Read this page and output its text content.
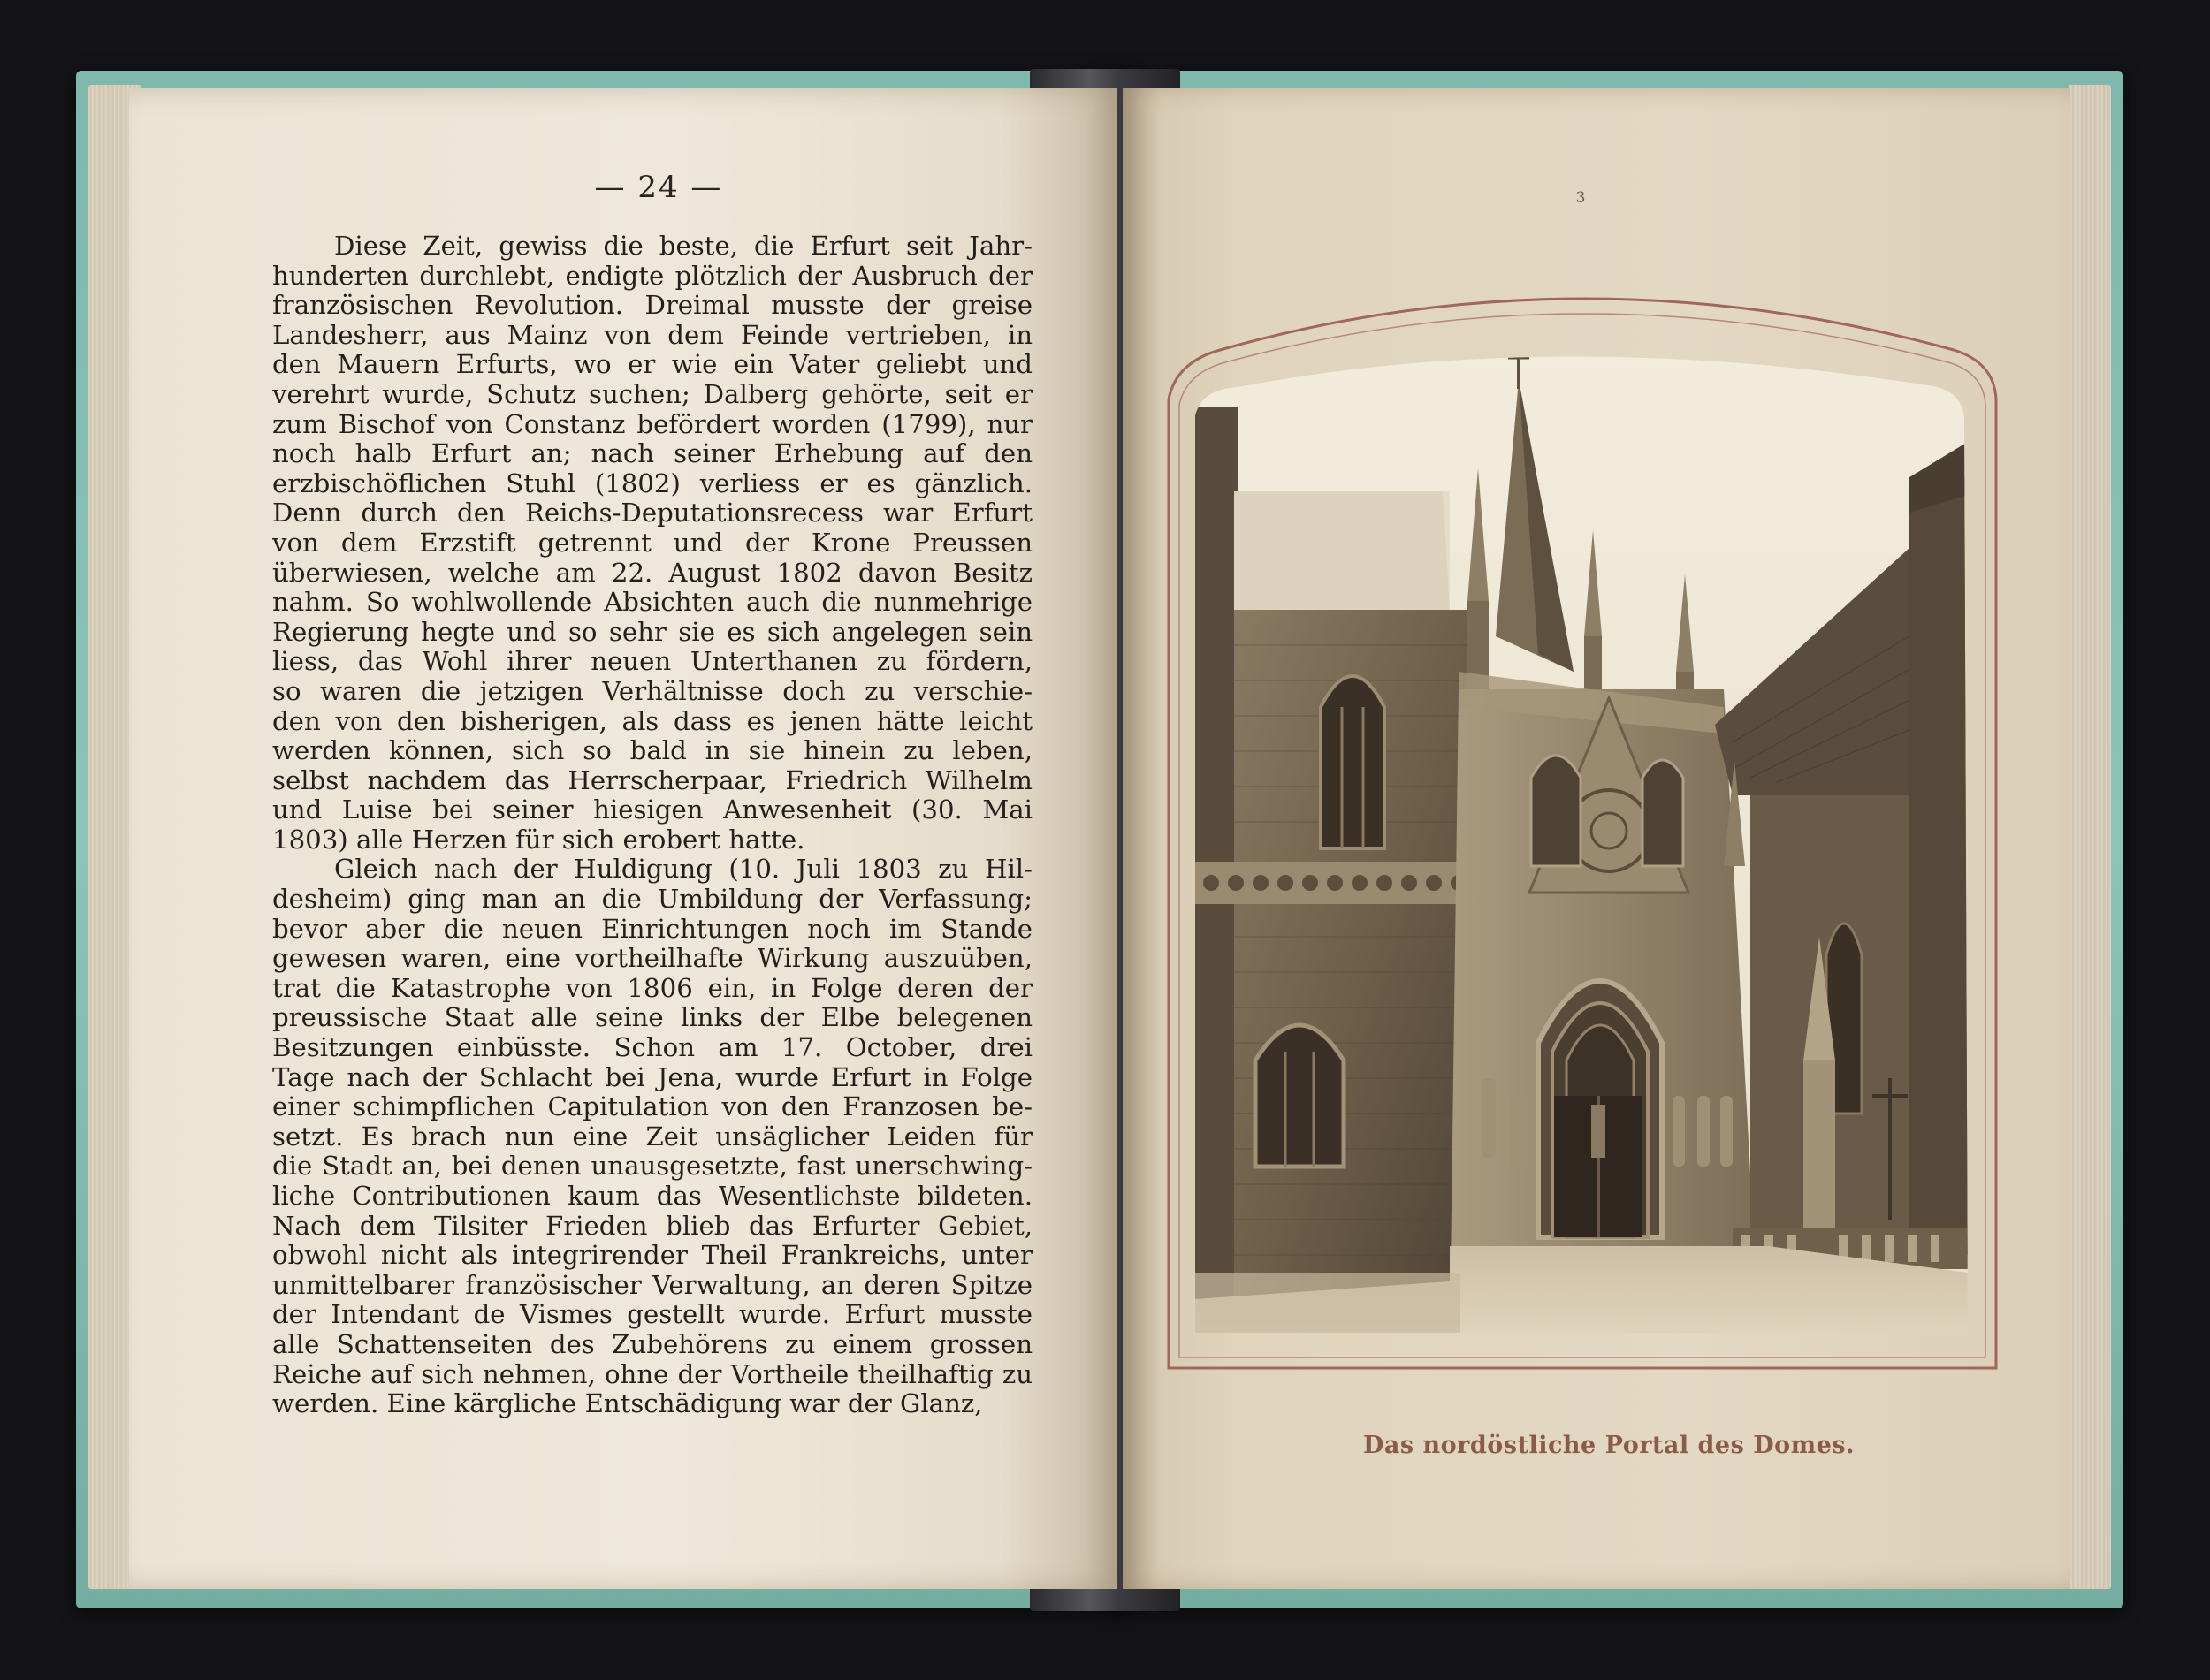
— 24 —
Diese Zeit, gewiss die beste, die Erfurt seit Jahr-
hunderten durchlebt, endigte plötzlich der Ausbruch der
französischen Revolution. Dreimal musste der greise
Landesherr, aus Mainz von dem Feinde vertrieben, in
den Mauern Erfurts, wo er wie ein Vater geliebt und
verehrt wurde, Schutz suchen; Dalberg gehörte, seit er
zum Bischof von Constanz befördert worden (1799), nur
noch halb Erfurt an; nach seiner Erhebung auf den
erzbischöflichen Stuhl (1802) verliess er es gänzlich.
Denn durch den Reichs-Deputationsrecess war Erfurt
von dem Erzstift getrennt und der Krone Preussen
überwiesen, welche am 22. August 1802 davon Besitz
nahm. So wohlwollende Absichten auch die nunmehrige
Regierung hegte und so sehr sie es sich angelegen sein
liess, das Wohl ihrer neuen Unterthanen zu fördern,
so waren die jetzigen Verhältnisse doch zu verschie-
den von den bisherigen, als dass es jenen hätte leicht
werden können, sich so bald in sie hinein zu leben,
selbst nachdem das Herrscherpaar, Friedrich Wilhelm
und Luise bei seiner hiesigen Anwesenheit (30. Mai
1803) alle Herzen für sich erobert hatte.
Gleich nach der Huldigung (10. Juli 1803 zu Hil-
desheim) ging man an die Umbildung der Verfassung;
bevor aber die neuen Einrichtungen noch im Stande
gewesen waren, eine vortheilhafte Wirkung auszuüben,
trat die Katastrophe von 1806 ein, in Folge deren der
preussische Staat alle seine links der Elbe belegenen
Besitzungen einbüsste. Schon am 17. October, drei
Tage nach der Schlacht bei Jena, wurde Erfurt in Folge
einer schimpflichen Capitulation von den Franzosen be-
setzt. Es brach nun eine Zeit unsäglicher Leiden für
die Stadt an, bei denen unausgesetzte, fast unerschwing-
liche Contributionen kaum das Wesentlichste bildeten.
Nach dem Tilsiter Frieden blieb das Erfurter Gebiet,
obwohl nicht als integrirender Theil Frankreichs, unter
unmittelbarer französischer Verwaltung, an deren Spitze
der Intendant de Vismes gestellt wurde. Erfurt musste
alle Schattenseiten des Zubehörens zu einem grossen
Reiche auf sich nehmen, ohne der Vortheile theilhaftig zu
werden. Eine kärgliche Entschädigung war der Glanz,
3
Das nordöstliche Portal des Domes.
